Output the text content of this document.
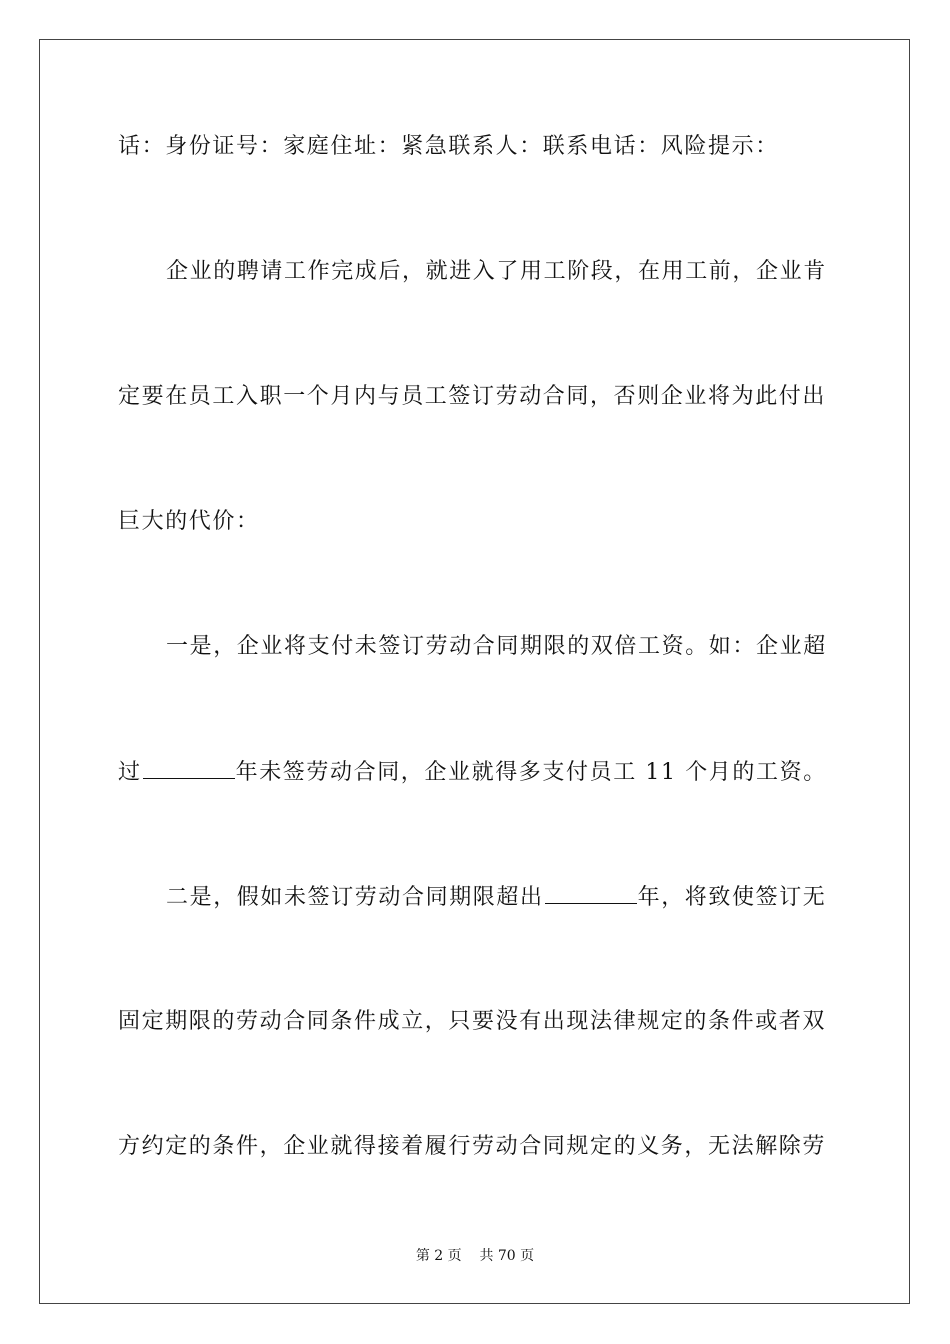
话：身份证号：家庭住址：紧急联系人：联系电话：风险提示：
企业的聘请工作完成后，就进入了用工阶段，在用工前，企业肯
定要在员工入职一个月内与员工签订劳动合同，否则企业将为此付出
巨大的代价：
一是，企业将支付未签订劳动合同期限的双倍工资。如：企业超
过	年未签劳动合同，企业就得多支付员工 11 个月的工资。
二是，假如未签订劳动合同期限超出	年，将致使签订无
固定期限的劳动合同条件成立，只要没有出现法律规定的条件或者双
方约定的条件，企业就得接着履行劳动合同规定的义务，无法解除劳
第 2 页 共 70 页
